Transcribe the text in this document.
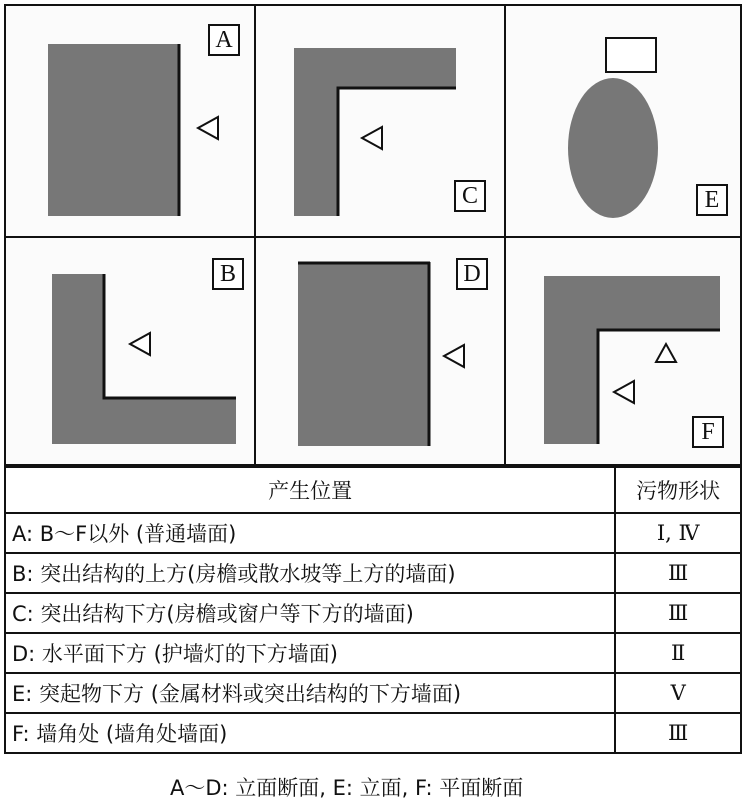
A
C	E
B	D
F
产生位置	污物形状
A: B～F以外 (普通墙面)	Ⅰ, Ⅳ
B: 突出结构的上方(房檐或散水坡等上方的墙面)	Ⅲ
C: 突出结构下方(房檐或窗户等下方的墙面)	Ⅲ
D: 水平面下方 (护墙灯的下方墙面)	Ⅱ
E: 突起物下方 (金属材料或突出结构的下方墙面)	Ⅴ
F: 墙角处 (墙角处墙面)	Ⅲ
A～D: 立面断面, E: 立面, F: 平面断面
